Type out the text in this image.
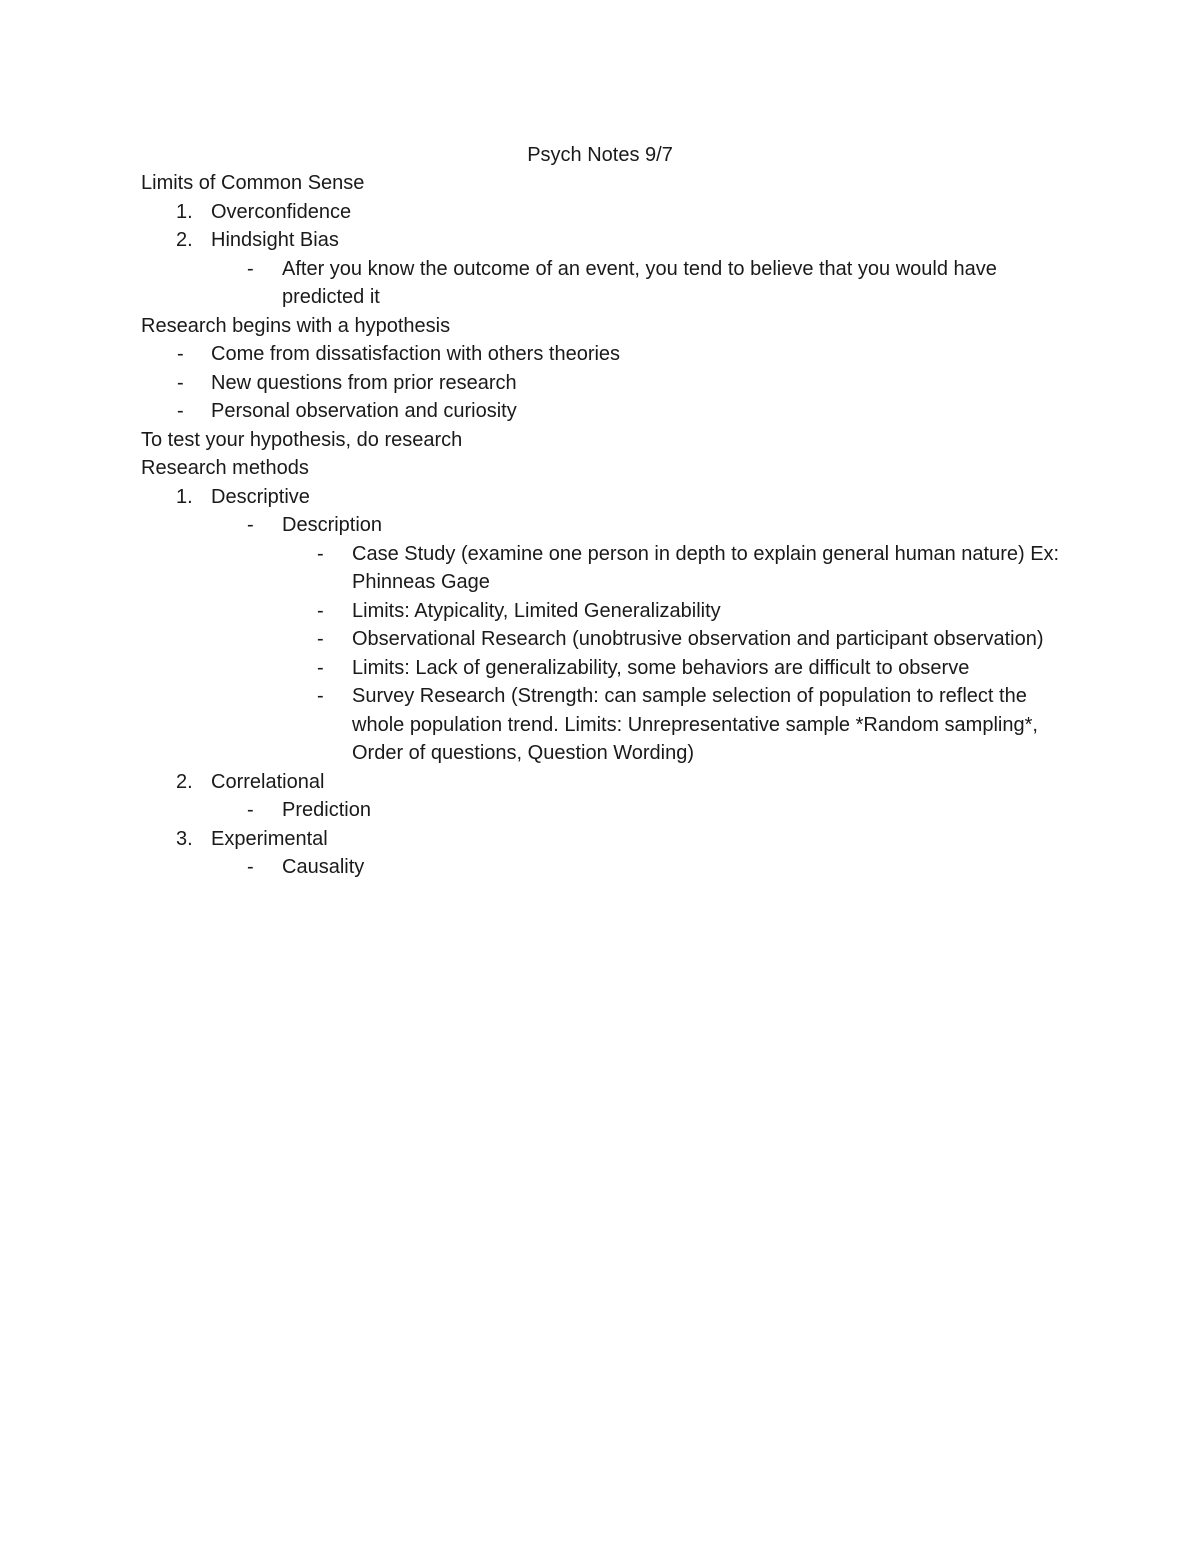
Psych Notes 9/7
Limits of Common Sense
1. Overconfidence
2. Hindsight Bias
- After you know the outcome of an event, you tend to believe that you would have predicted it
Research begins with a hypothesis
- Come from dissatisfaction with others theories
- New questions from prior research
- Personal observation and curiosity
To test your hypothesis, do research
Research methods
1. Descriptive
- Description
- Case Study (examine one person in depth to explain general human nature) Ex: Phinneas Gage
- Limits: Atypicality, Limited Generalizability
- Observational Research (unobtrusive observation and participant observation)
- Limits: Lack of generalizability, some behaviors are difficult to observe
- Survey Research (Strength: can sample selection of population to reflect the whole population trend. Limits: Unrepresentative sample *Random sampling*, Order of questions, Question Wording)
2. Correlational
- Prediction
3. Experimental
- Causality
